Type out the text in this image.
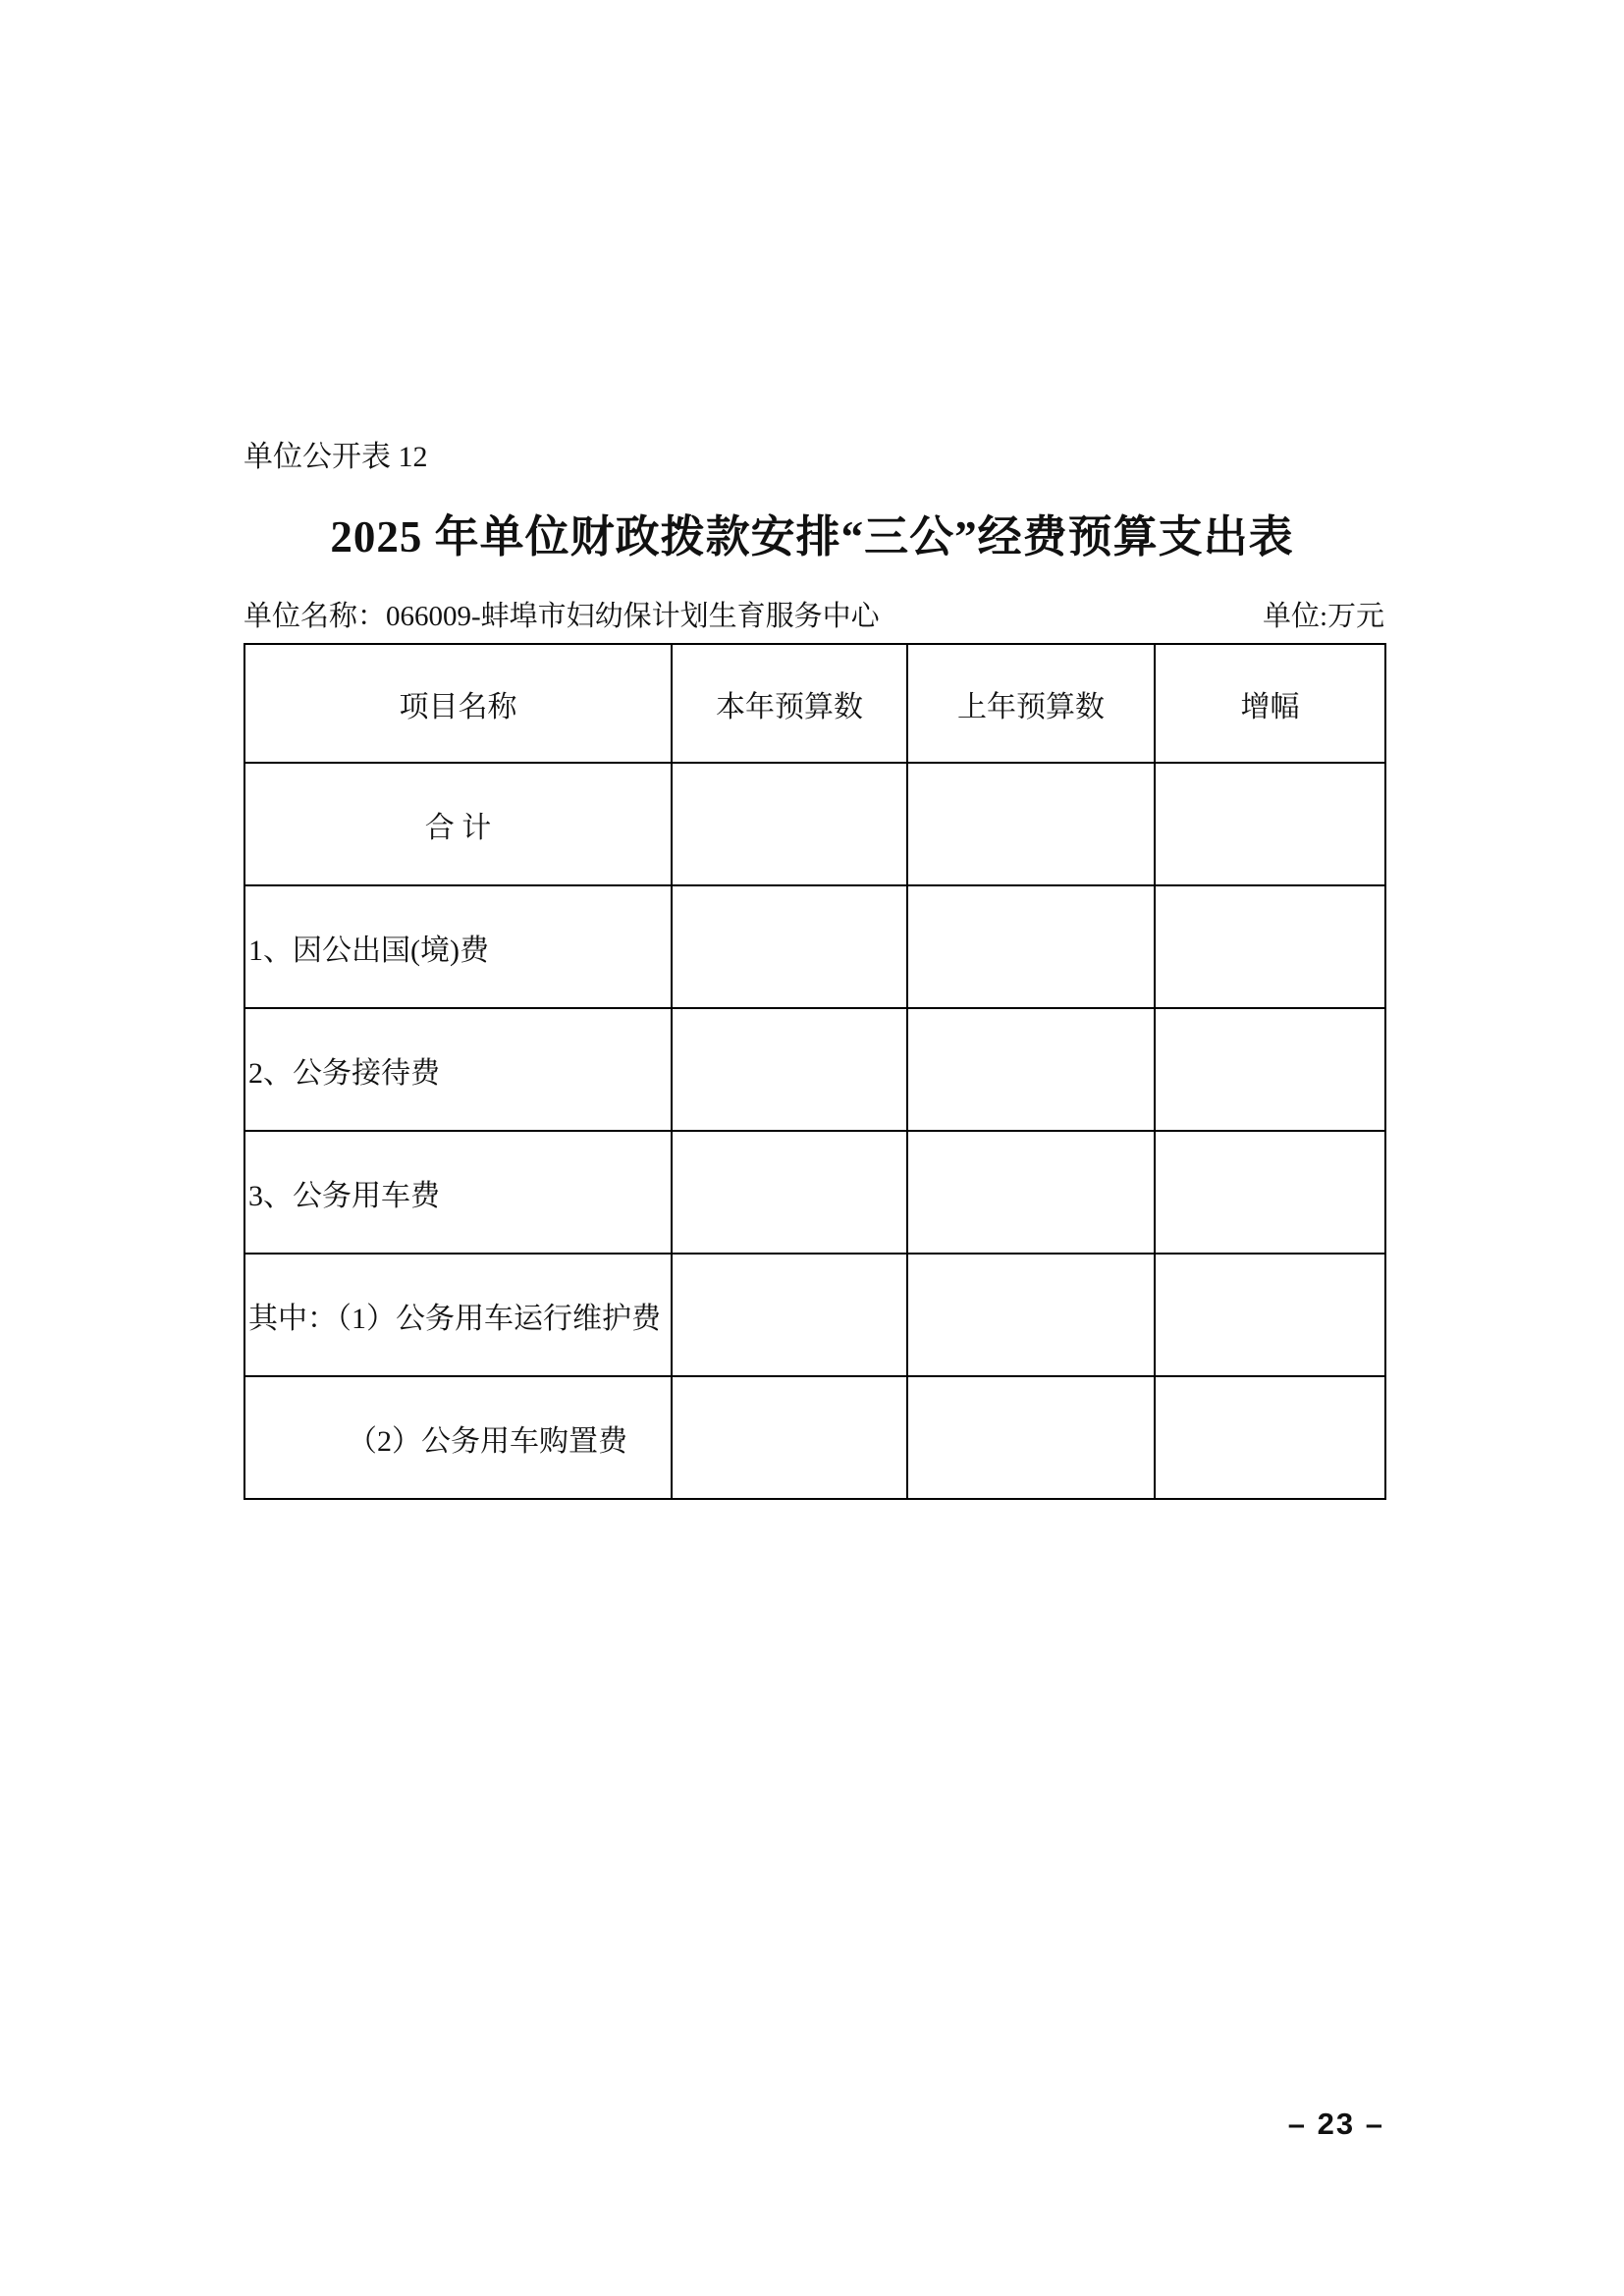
单位公开表 12
2025 年单位财政拨款安排“三公”经费预算支出表
单位名称：066009-蚌埠市妇幼保计划生育服务中心	单位:万元
项目名称	本年预算数	上年预算数	增幅
合 计			
1、因公出国(境)费			
2、公务接待费			
3、公务用车费			
其中：（1）公务用车运行维护费			
（2）公务用车购置费			
– 23 –
